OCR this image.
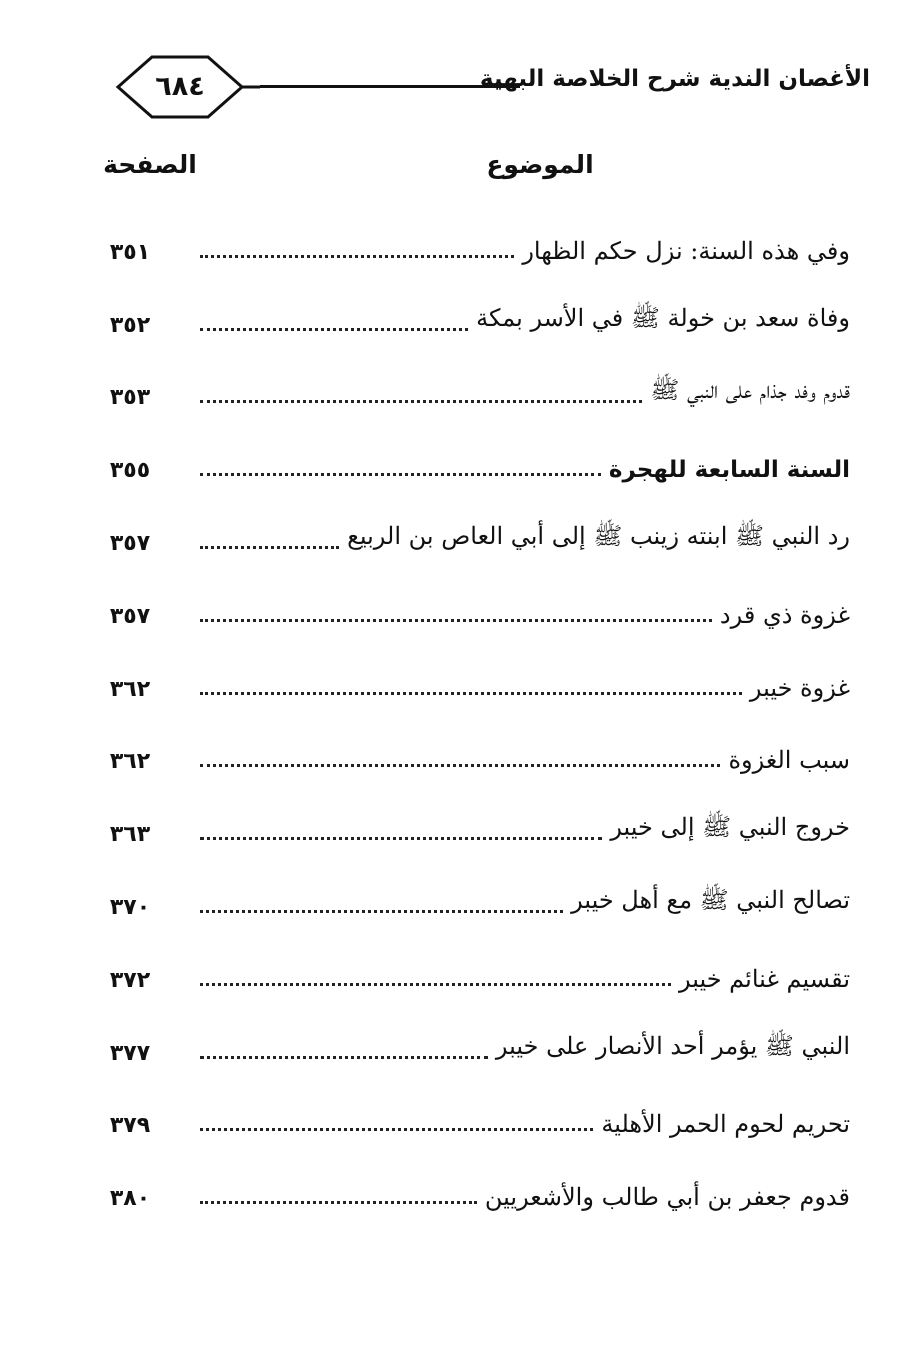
الأغصان الندية شرح الخلاصة البهية
٦٨٤
الموضوع
الصفحة
وفي هذه السنة: نزل حكم الظهار
٣٥١
وفاة سعد بن خولة ﷺ في الأسر بمكة
٣٥٢
قدوم وفد جذام على النبي ﷺ
٣٥٣
السنة السابعة للهجرة
٣٥٥
رد النبي ﷺ ابنته زينب ﷺ إلى أبي العاص بن الربيع
٣٥٧
غزوة ذي قرد
٣٥٧
غزوة خيبر
٣٦٢
سبب الغزوة
٣٦٢
خروج النبي ﷺ إلى خيبر
٣٦٣
تصالح النبي ﷺ مع أهل خيبر
٣٧٠
تقسيم غنائم خيبر
٣٧٢
النبي ﷺ يؤمر أحد الأنصار على خيبر
٣٧٧
تحريم لحوم الحمر الأهلية
٣٧٩
قدوم جعفر بن أبي طالب والأشعريين
٣٨٠
